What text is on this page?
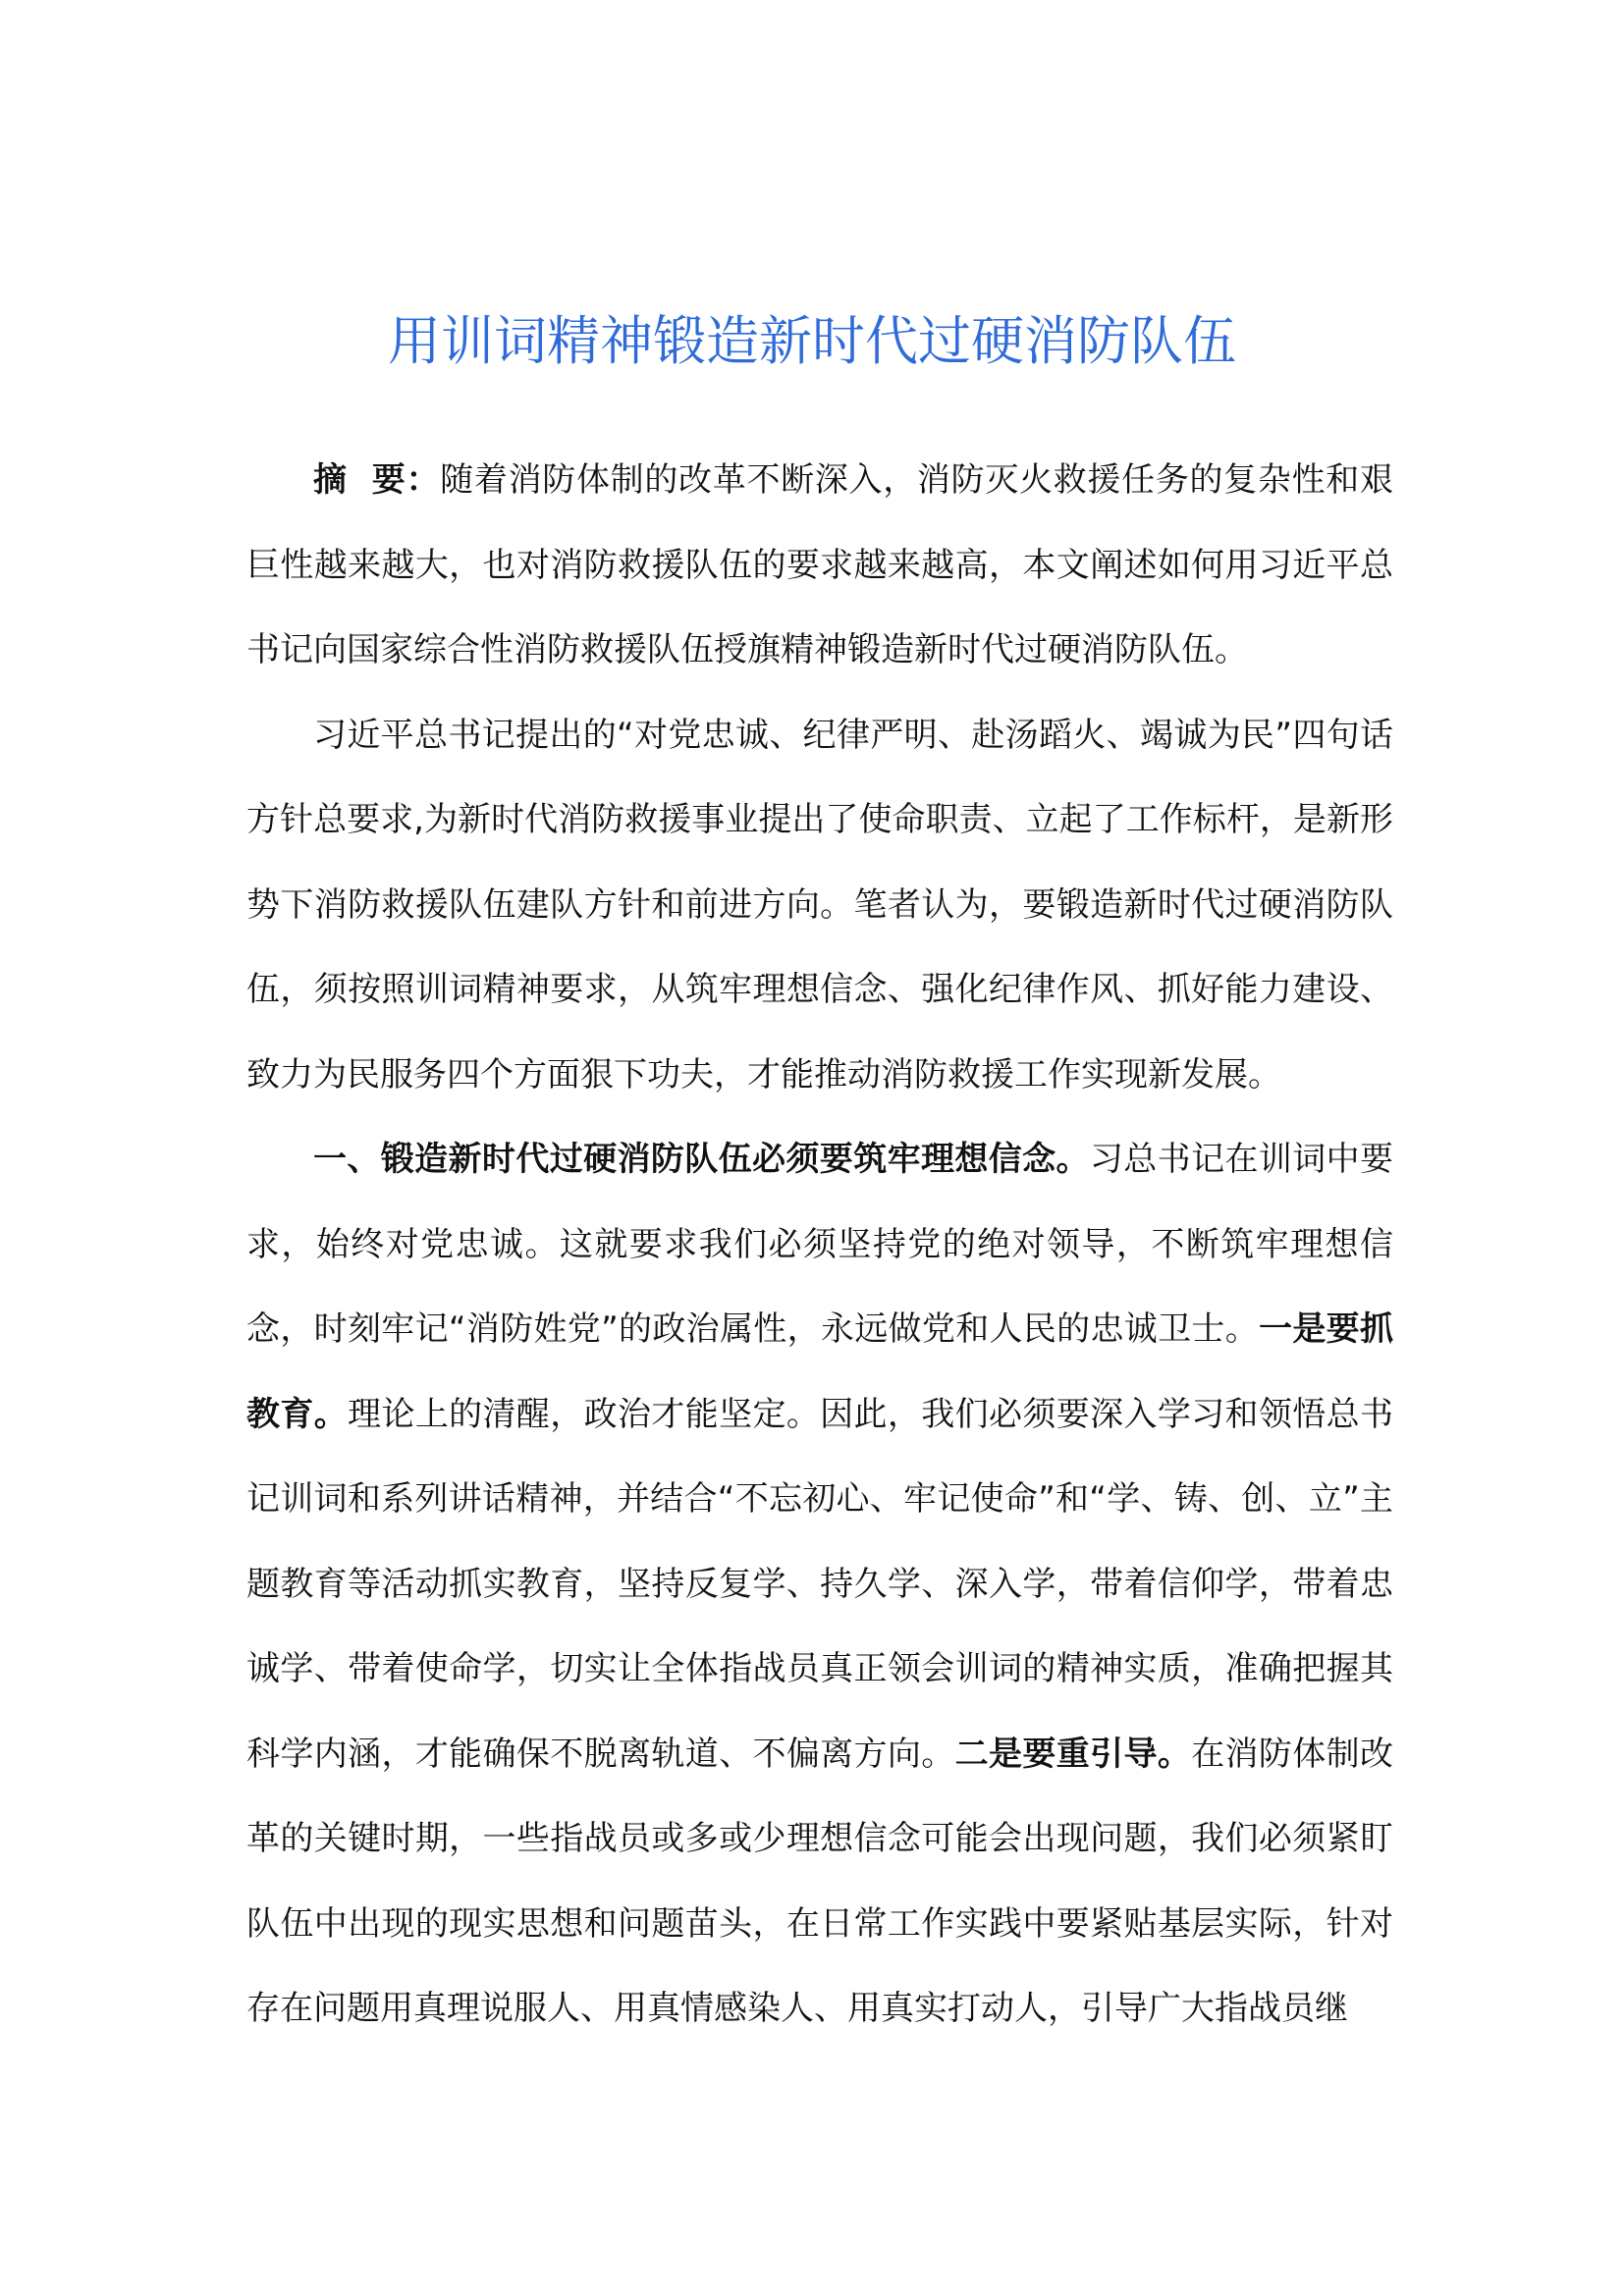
用训词精神锻造新时代过硬消防队伍

摘  要：随着消防体制的改革不断深入，消防灭火救援任务的复杂性和艰巨性越来越大，也对消防救援队伍的要求越来越高，本文阐述如何用习近平总书记向国家综合性消防救援队伍授旗精神锻造新时代过硬消防队伍。

习近平总书记提出的“对党忠诚、纪律严明、赴汤蹈火、竭诚为民”四句话方针总要求,为新时代消防救援事业提出了使命职责、立起了工作标杆，是新形势下消防救援队伍建队方针和前进方向。笔者认为，要锻造新时代过硬消防队伍，须按照训词精神要求，从筑牢理想信念、强化纪律作风、抓好能力建设、致力为民服务四个方面狠下功夫，才能推动消防救援工作实现新发展。

一、锻造新时代过硬消防队伍必须要筑牢理想信念。习总书记在训词中要求，始终对党忠诚。这就要求我们必须坚持党的绝对领导，不断筑牢理想信念，时刻牢记“消防姓党”的政治属性，永远做党和人民的忠诚卫士。一是要抓教育。理论上的清醒，政治才能坚定。因此，我们必须要深入学习和领悟总书记训词和系列讲话精神，并结合“不忘初心、牢记使命”和“学、铸、创、立”主题教育等活动抓实教育，坚持反复学、持久学、深入学，带着信仰学，带着忠诚学、带着使命学，切实让全体指战员真正领会训词的精神实质，准确把握其科学内涵，才能确保不脱离轨道、不偏离方向。二是要重引导。在消防体制改革的关键时期，一些指战员或多或少理想信念可能会出现问题，我们必须紧盯队伍中出现的现实思想和问题苗头，在日常工作实践中要紧贴基层实际，针对存在问题用真理说服人、用真情感染人、用真实打动人，引导广大指战员继
